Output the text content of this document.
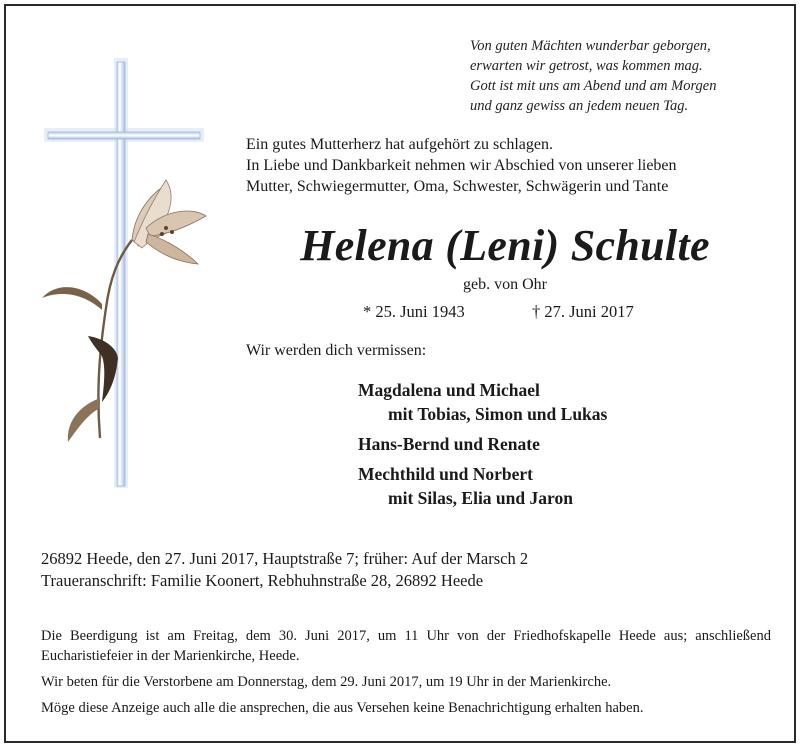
Von guten Mächten wunderbar geborgen,
erwarten wir getrost, was kommen mag.
Gott ist mit uns am Abend und am Morgen
und ganz gewiss an jedem neuen Tag.
Ein gutes Mutterherz hat aufgehört zu schlagen.
In Liebe und Dankbarkeit nehmen wir Abschied von unserer lieben
Mutter, Schwiegermutter, Oma, Schwester, Schwägerin und Tante
Helena (Leni) Schulte
geb. von Ohr
* 25. Juni 1943	† 27. Juni 2017
Wir werden dich vermissen:
Magdalena und Michael
mit Tobias, Simon und Lukas
Hans-Bernd und Renate
Mechthild und Norbert
mit Silas, Elia und Jaron
26892 Heede, den 27. Juni 2017, Hauptstraße 7; früher: Auf der Marsch 2
Traueranschrift: Familie Koonert, Rebhuhnstraße 28, 26892 Heede
Die Beerdigung ist am Freitag, dem 30. Juni 2017, um 11 Uhr von der Friedhofskapelle Heede aus; anschließend Eucharistiefeier in der Marienkirche, Heede.
Wir beten für die Verstorbene am Donnerstag, dem 29. Juni 2017, um 19 Uhr in der Marienkirche.
Möge diese Anzeige auch alle die ansprechen, die aus Versehen keine Benachrichtigung erhalten haben.
